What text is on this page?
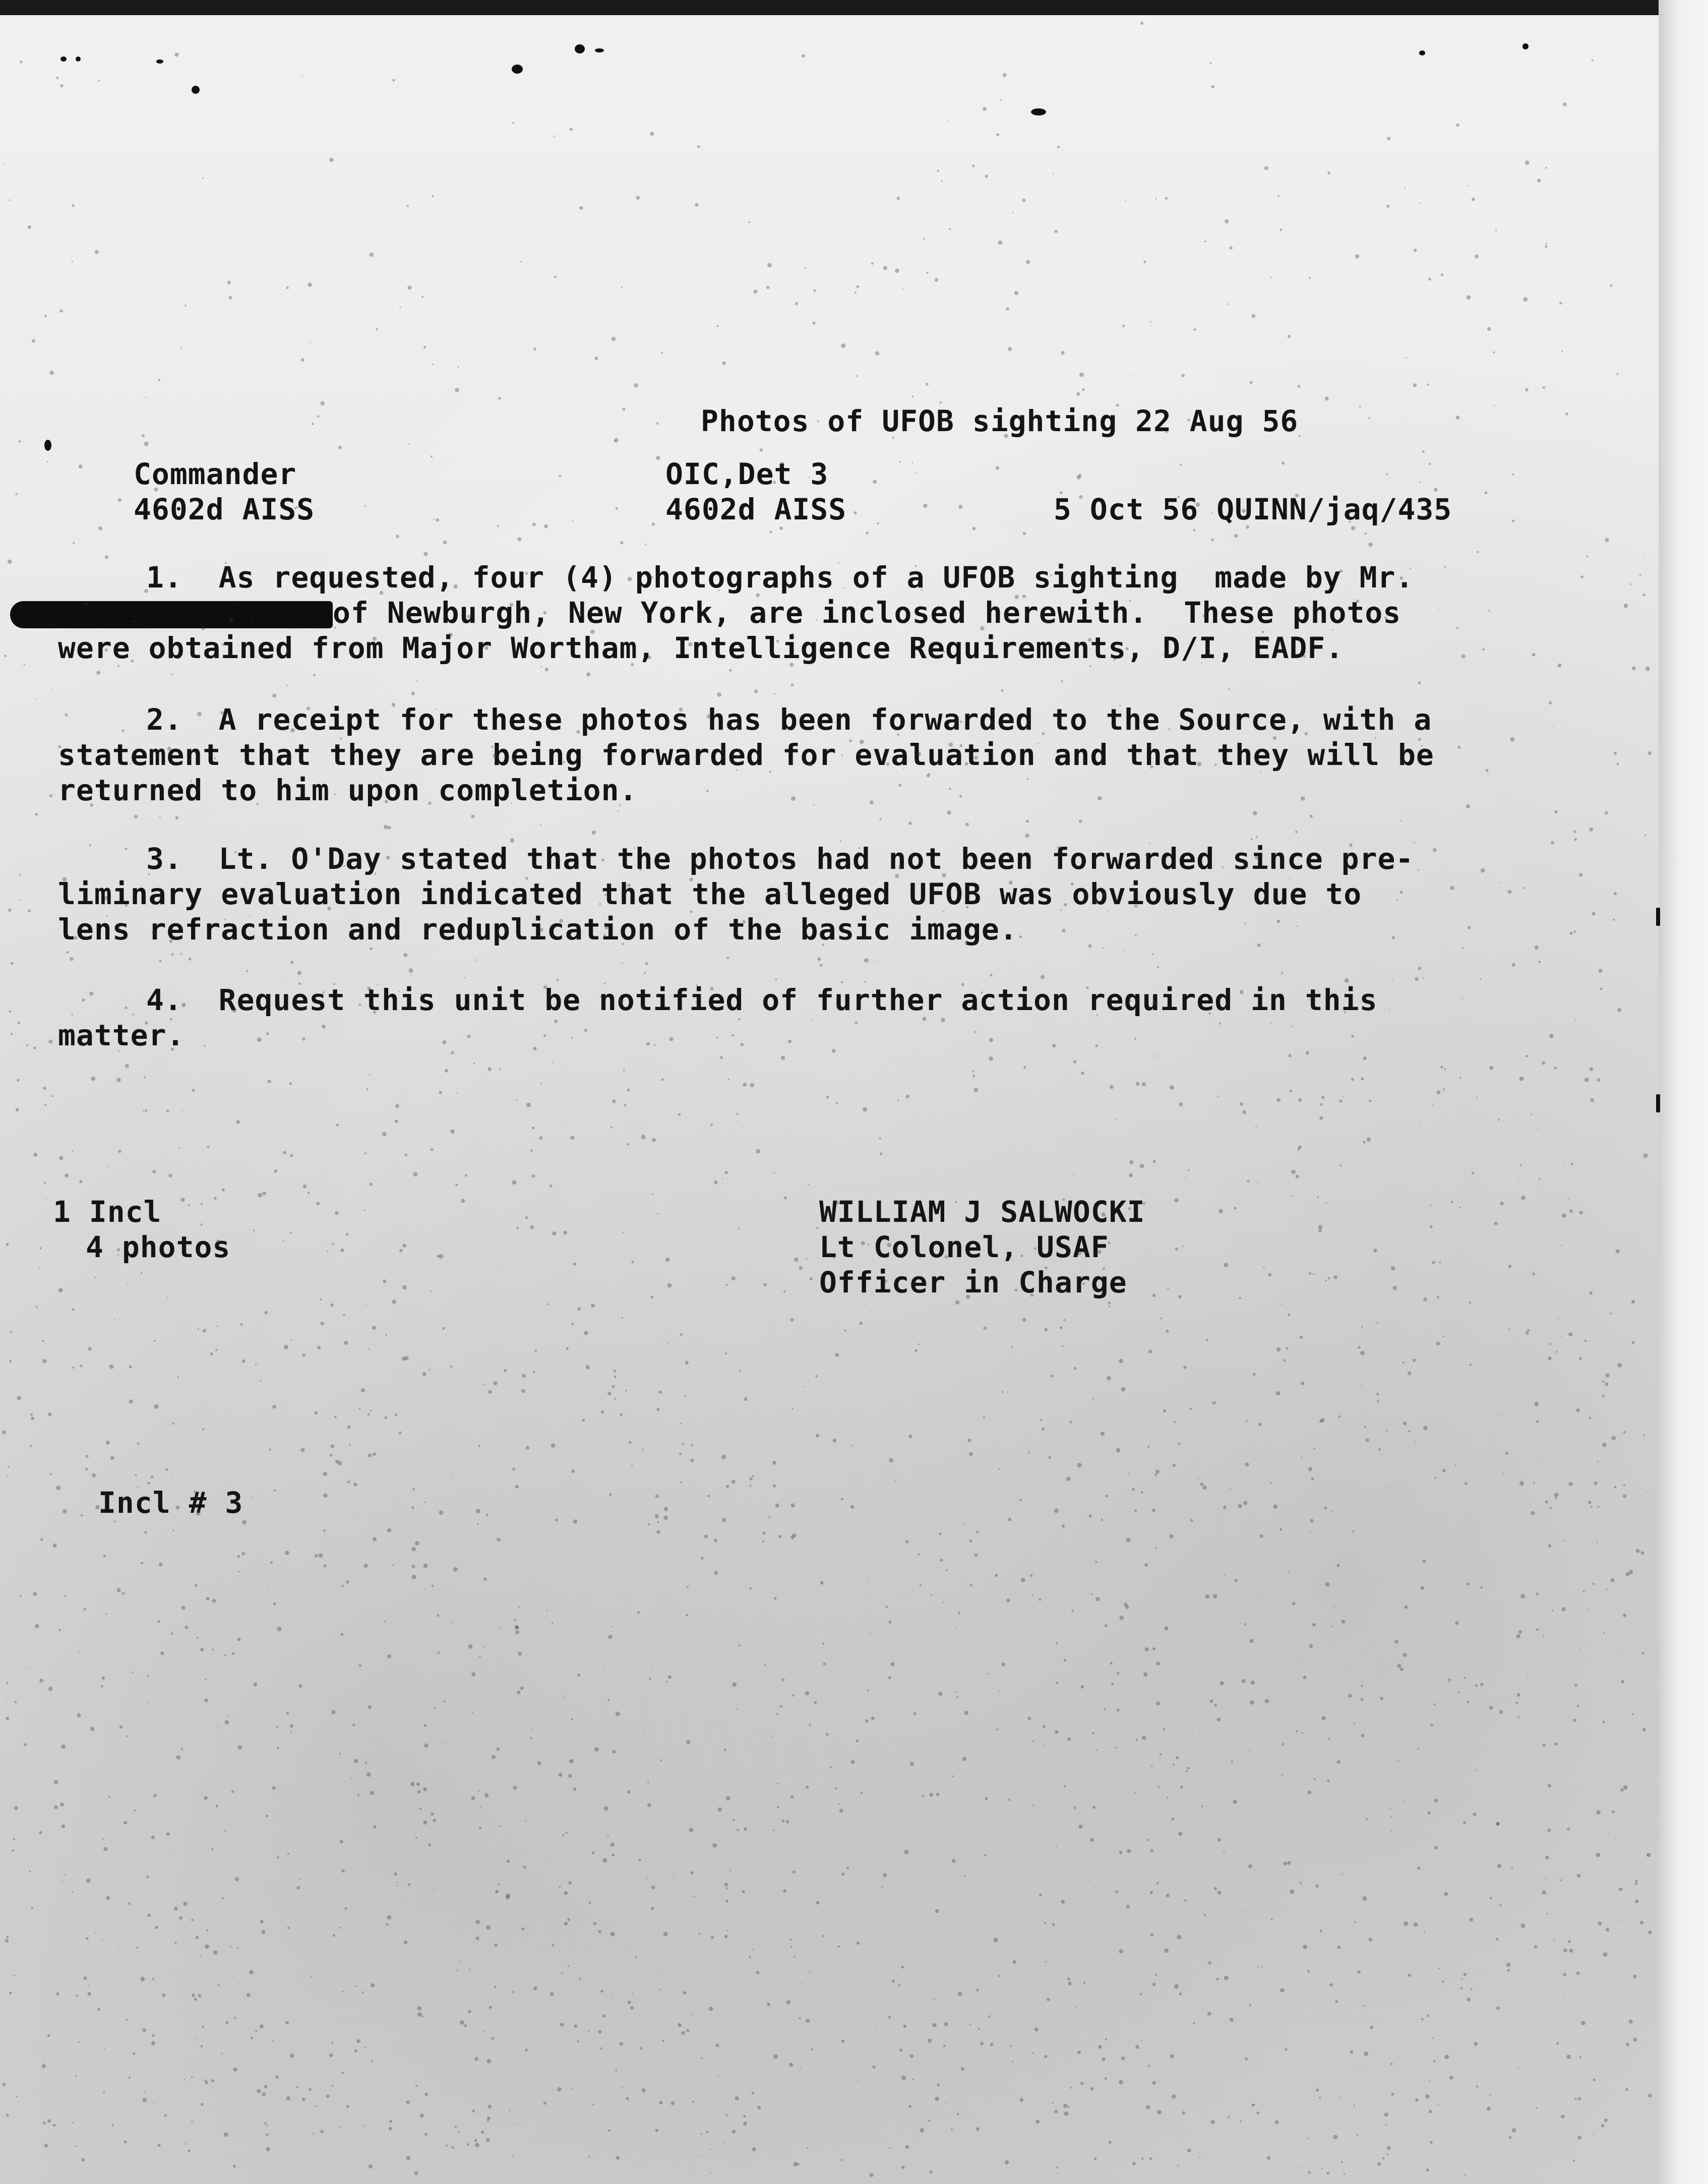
Photos of UFOB sighting 22 Aug 56
Commander
4602d AISS
OIC,Det 3
4602d AISS	5 Oct 56 QUINN/jaq/435
1.  As requested, four (4) photographs of a UFOB sighting  made by Mr.
of Newburgh, New York, are inclosed herewith.  These photos
were obtained from Major Wortham, Intelligence Requirements, D/I, EADF.
2.  A receipt for these photos has been forwarded to the Source, with a
statement that they are being forwarded for evaluation and that they will be
returned to him upon completion.
3.  Lt. O'Day stated that the photos had not been forwarded since pre-
liminary evaluation indicated that the alleged UFOB was obviously due to
lens refraction and reduplication of the basic image.
4.  Request this unit be notified of further action required in this
matter.
1 Incl
4 photos
WILLIAM J SALWOCKI
Lt Colonel, USAF
Officer in Charge
Incl # 3
